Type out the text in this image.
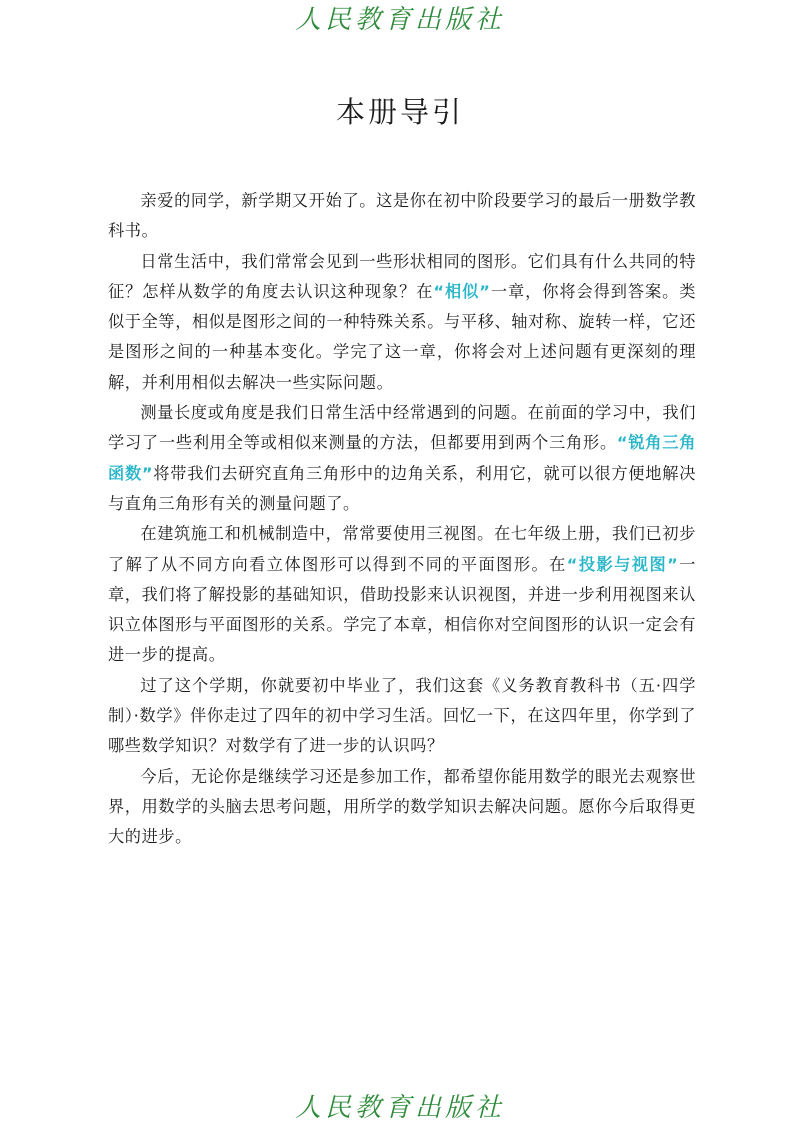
人民教育出版社
本册导引

亲爱的同学，新学期又开始了。这是你在初中阶段要学习的最后一册数学教科书。

日常生活中，我们常常会见到一些形状相同的图形。它们具有什么共同的特征？怎样从数学的角度去认识这种现象？在“相似”一章，你将会得到答案。类似于全等，相似是图形之间的一种特殊关系。与平移、轴对称、旋转一样，它还是图形之间的一种基本变化。学完了这一章，你将会对上述问题有更深刻的理解，并利用相似去解决一些实际问题。

测量长度或角度是我们日常生活中经常遇到的问题。在前面的学习中，我们学习了一些利用全等或相似来测量的方法，但都要用到两个三角形。“锐角三角函数”将带我们去研究直角三角形中的边角关系，利用它，就可以很方便地解决与直角三角形有关的测量问题了。

在建筑施工和机械制造中，常常要使用三视图。在七年级上册，我们已初步了解了从不同方向看立体图形可以得到不同的平面图形。在“投影与视图”一章，我们将了解投影的基础知识，借助投影来认识视图，并进一步利用视图来认识立体图形与平面图形的关系。学完了本章，相信你对空间图形的认识一定会有进一步的提高。

过了这个学期，你就要初中毕业了，我们这套《义务教育教科书（五·四学制）·数学》伴你走过了四年的初中学习生活。回忆一下，在这四年里，你学到了哪些数学知识？对数学有了进一步的认识吗？

今后，无论你是继续学习还是参加工作，都希望你能用数学的眼光去观察世界，用数学的头脑去思考问题，用所学的数学知识去解决问题。愿你今后取得更大的进步。

人民教育出版社
